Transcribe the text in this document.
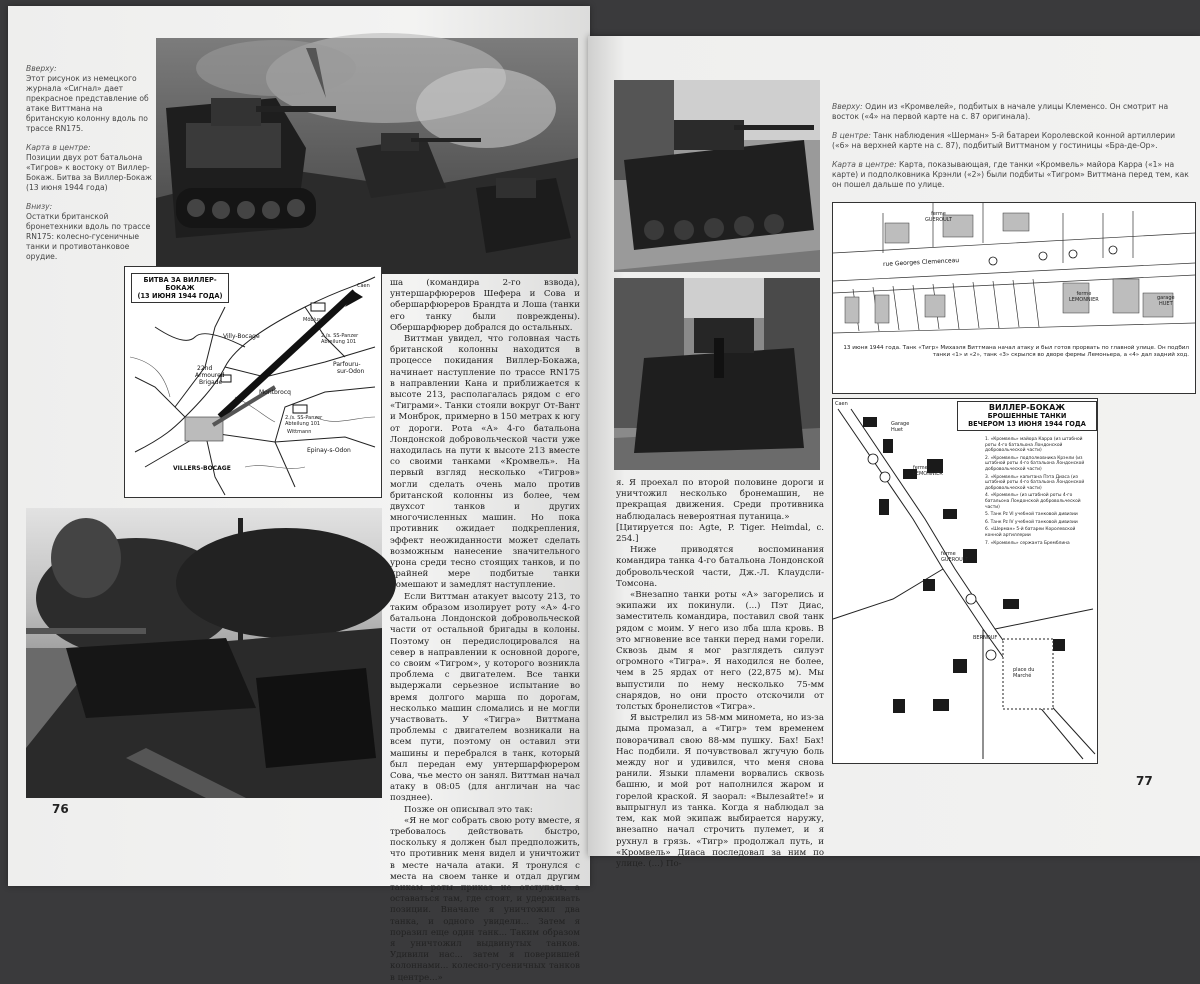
Вверху:
Этот рисунок из немецкого журнала «Сигнал» дает прекрасное представление об атаке Виттмана на британскую колонну вдоль по трассе RN175.

Карта в центре:
Позиции двух рот батальона «Тигров» к востоку от Виллер-Бокаж. Битва за Виллер-Бокаж (13 июня 1944 года)

Внизу:
Остатки британской бронетехники вдоль по трассе RN175: колесно-гусеничные танки и противотанковое орудие.

БИТВА ЗА ВИЛЛЕР-БОКАЖ
(13 ИЮНЯ 1944 ГОДА)
Möbius
Villy-Bocage	2./s. SS-Panzer
Abteilung 101
Parfouru-
sur-Odon
22nd
Armoured
Brigade
Montbrocq
2./s. SS-Panzer
Abteilung 101
Wittmann
Epinay-s-Odon
VILLERS-BOCAGE
Caen ша (командира 2-го взвода), унтершарфюреров Шефера и Сова и обершарфюреров Брандта и Лоша (танки его танку были повреждены). Обершарфюрер добрался до остальных.

Виттман увидел, что головная часть британской колонны находится в процессе покидания Виллер-Бокажа, начинает наступление по трассе RN175 в направлении Кана и приближается к высоте 213, располагалась рядом с его «Тиграми». Танки стояли вокруг От-Вант и Монброк, примерно в 150 метрах к югу от дороги. Рота «А» 4-го батальона Лондонской добровольческой части уже находилась на пути к высоте 213 вместе со своими танками «Кромвель». На первый взгляд несколько «Тигров» могли сделать очень мало против британской колонны из более, чем двухсот танков и других многочисленных машин. Но пока противник ожидает подкрепления, эффект неожиданности может сделать возможным нанесение значительного урона среди тесно стоящих танков, и по крайней мере подбитые танки помешают и замедлят наступление.

Если Виттман атакует высоту 213, то таким образом изолирует роту «А» 4-го батальона Лондонской добровольческой части от остальной бригады в колоны. Поэтому он передислоцировался на север в направлении к основной дороге, со своим «Тигром», у которого возникла проблема с двигателем. Все танки выдержали серьезное испытание во время долгого марша по дорогам, несколько машин сломались и не могли участвовать. У «Тигра» Виттмана проблемы с двигателем возникали на всем пути, поэтому он оставил эти машины и перебрался в танк, который был передан ему унтершарфюрером Сова, чье место он занял. Виттман начал атаку в 08:05 (для англичан на час позднее).

Позже он описывал это так:

«Я не мог собрать свою роту вместе, я требовалось действовать быстро, поскольку я должен был предположить, что противник меня видел и уничтожит в месте начала атаки. Я тронулся с места на своем танке и отдал другим танкам роты приказ не отступать, а оставаться там, где стоят, и удерживать позиции. Вначале я уничтожил два танка, и одного увидели... Затем я поразил еще один танк... Таким образом я уничтожил выдвинутых танков. Удивили нас... затем я поверившей колоннами... колесно-гусеничных танков в центре...»

76

Вверху: Один из «Кромвелей», подбитых в начале улицы Клеменсо. Он смотрит на восток («4» на первой карте на с. 87 оригинала).

В центре: Танк наблюдения «Шерман» 5-й батареи Королевской конной артиллерии («6» на верхней карте на с. 87), подбитый Виттманом у гостиницы «Бра-де-Ор».

Карта в центре: Карта, показывающая, где танки «Кромвель» майора Карра («1» на карте) и подполковника Крэнли («2») были подбиты «Тигром» Виттмана перед тем, как он пошел дальше по улице.

ferme
GUEROULT
rue Georges Clemenceau
ferme
LEMONNIER	garage
HUET
13 июня 1944 года. Танк «Тигр» Михаэля Виттмана начал атаку и был готов прорвать по главной улице. Он подбил танки «1» и «2», танк «3» скрылся во дворе фермы Лемоньера, а «4» дал задний ход.
ВИЛЛЕР-БОКАЖ
БРОШЕННЫЕ ТАНКИ
ВЕЧЕРОМ 13 ИЮНЯ 1944 ГОДА
1. «Кромвель» майора Карра (из штабной роты 4-го батальона Лондонской добровольческой части)
2. «Кромвель» подполковника Крэнли (из штабной роты 4-го батальона Лондонской добровольческой части)
3. «Кромвель» капитана Пэта Диаса (из штабной роты 4-го батальона Лондонской добровольческой части)
4. «Кромвель» (из штабной роты 4-го батальона Лондонской добровольческой части)
5. Танк Pz VI учебной танковой дивизии
6. Танк Pz IV учебной танковой дивизии
6. «Шерман» 5-й батареи Королевской конной артиллерии
7. «Кромвель» сержанта Бремблина
Caen
Garage
Huet
ferme
LEMONNIER
ferme
GUEROULT
BERNOUF
place du
Marché

я. Я проехал по второй половине дороги и уничтожил несколько бронемашин, не прекращая движения. Среди противника наблюдалась невероятная путаница.»

[Цитируется по: Agte, P. Tiger. Heimdal, с. 254.]

Ниже приводятся воспоминания командира танка 4-го батальона Лондонской добровольческой части, Дж.-Л. Клаудсли-Томсона.

«Внезапно танки роты «А» загорелись и экипажи их покинули. (...) Пэт Диас, заместитель командира, поставил свой танк рядом с моим. У него изо лба шла кровь. В это мгновение все танки перед нами горели. Сквозь дым я мог разглядеть силуэт огромного «Тигра». Я находился не более, чем в 25 ярдах от него (22,875 м). Мы выпустили по нему несколько 75-мм снарядов, но они просто отскочили от толстых бронелистов «Тигра».

Я выстрелил из 58-мм миномета, но из-за дыма промазал, а «Тигр» тем временем поворачивал свою 88-мм пушку. Бах! Бах! Нас подбили. Я почувствовал жгучую боль между ног и удивился, что меня снова ранили. Языки пламени ворвались сквозь башню, и мой рот наполнился жаром и горелой краской. Я заорал: «Вылезайте!» и выпрыгнул из танка. Когда я наблюдал за тем, как мой экипаж выбирается наружу, внезапно начал строчить пулемет, и я рухнул в грязь. «Тигр» продолжал путь, и «Кромвель» Диаса последовал за ним по улице. (...) По-

77
